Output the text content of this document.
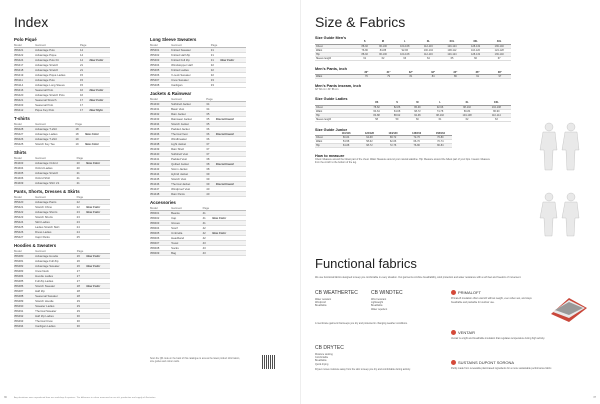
Index
Polo Piqué
Model	Garment	Page	
356421	Advantage Polo	14	
356422	Advantage Pique	14	
356424	Advantage Polo Fit	14	New Color
356417	Advantage Stretch	21	
356418	Advantage Stretch	21	
356419	Advantage Piqué Ladies	15	
356111	Advantage Polo	15	
356114	Advantage Long Sleeve	15	
356416	Seasonal Polo	16	New Color
356420	Advantage Stretch Polo	16	
356421	Seasonal Stretch	17	New Color
356403	Seasonal Polo	17	
356412	Pique Key Polo	17	New Style
T-shirts
Model	Garment	Page	
356428	Advantage T-shirt	18	
356427	Advantage Ladies	18	New Color
356426	Advantage T-shirt	19	
356425	Stretch Key Tee	19	New Color
Shirts
Model	Garment	Page	
354403	Advantage Oxford	20	New Color
354404	Oxford Ladies	20	
354405	Advantage Stretch	21	
354406	Oxford Shirt	21	
354409	Advantage Shirt LS	21	
Pants, Shorts, Dresses & Skirts
Model	Garment	Page	
355420	Advantage Pants	22	
355421	Stretch Chino	22	New Color
355422	Advantage Shorts	23	New Color
355423	Stretch Shorts	23	
355424	Skirt Ladies	23	
355425	Ladies Stretch Skirt	24	
355426	Dress Ladies	24	
355427	Capri Pants	25	
Hoodies & Sweaters
Model	Garment	Page	
356480	Advantage Hoodie	26	New Color
356481	Advantage Full Zip	26	
356482	Advantage Sweater	26	New Color
356483	Crew Neck	27	
356484	Hoodie Ladies	27	
356485	Full Zip Ladies	27	
356486	Stretch Sweater	28	New Color
356487	Half Zip	28	
356488	Seasonal Sweater	28	
356489	Stretch Hoodie	29	
356490	Sweater Ladies	29	
356491	Thermal Sweater	29	
356492	Half Zip Ladies	30	
356493	Thermal Crew	30	
356494	Cardigan Ladies	30	
Long Sleeve Sweaters
Model	Garment	Page	
355401	Knitted Sweater	31	
355402	Knitted Half Zip	31	
355403	Knitted Full Zip	31	New Color
355404	Windstopper Half	32	
355405	Knitted Ladies	32	
355406	V-neck Sweater	32	
355407	Crew Sweater	33	
355408	Cardigan	33	
Jackets & Rainwear
Model	Garment	Page	
354430	Softshell Jacket	34	
354431	Basic Vest	34	
354432	Rain Jacket	35	
354433	Rainwear Jacket	35	Discontinued
354434	Stretch Jacket	35	
354435	Padded Jacket	36	
354436	Thermal Vest	36	Discontinued
354437	Windbreaker	36	
354438	Light Jacket	37	
354439	Rain Shell	37	
354440	Softshell Vest	37	
354441	Padded Vest	38	
354442	Quilted Jacket	38	Discontinued
354443	Storm Jacket	38	
354444	Hybrid Jacket	39	
354445	Stretch Vest	39	
354446	Thermal Jacket	39	Discontinued
354447	Windproof Vest	40	
354448	Rain Pants	40	
Accessories
Model	Garment	Page	
358401	Beanie	41	
358402	Cap	41	New Color
358403	Gloves	41	
358404	Scarf	42	
358405	Umbrella	42	New Color
358406	Headband	42	
358407	Towel	43	
358408	Socks	43	
358409	Bag	43	
Scan the QR code on the back of this catalogue to access the latest product information, size guides and colour cards.
Any deviations were reproduced from our workshop & repairers. The difference in colour measured on our ink, production and supply of illustration
36
Size & Fabrics
Size Guide Men's
	S	M	L	XL	XXL	3XL	4XL
Chest	88-92	96-100	104-108	112-116	120-124	128-132	136-140
Waist	76-80	84-88	92-96	100-104	108-112	116-120	124-128
Hip	88-92	96-100	104-108	112-116	120-124	128-132	136-140
Sleeve length	61	62	63	64	65	66	67
Men's Pants, inch
	30"	31"	32"	33"	34"	36"	38"
Waist	76	79	81	84	86	91	97
Men's Pants inseam, inch
32" 82 cm / 34" 86 cm
Size Guide Ladies
	XS	S	M	L	XL	XXL
Chest	78-82	82-86	86-90	92-96	98-102	104-108
Waist	60-64	64-68	68-72	74-78	80-84	86-90
Hip	84-88	88-92	92-96	98-102	104-108	110-114
Sleeve length	58	59	60	61	62	63
Size Guide Junior
	110/116	122/128	134/140	146/152	158/164
Chest	60-64	64-68	68-72	72-76	76-80
Waist	54-58	58-62	62-66	66-70	70-74
Hip	64-68	68-72	72-76	76-80	80-84
How to measure
Chest: Measure around the fullest part of the chest. Waist: Measure around your natural waistline. Hip: Measure around the fullest part of your hips. Inseam: Measure from the crotch to the bottom of the leg.
Functional fabrics
We use functional fabrics designed to keep you comfortable in every situation. Our garments combine breathability, wind protection and water resistance with a soft feel and freedom of movement.
CB WEATHERTEC
Water resistant
Windproof
Breathable
CB WINDTEC
Wind resistant
Lightweight
Breathable
Water repellent
A membrane garment that keeps you dry and protected in changing weather conditions.
CB DRYTEC
Moisture wicking
Comfortable
Breathable
Quick drying
Drytec moves moisture away from the skin to keep you dry and comfortable during activity.
PRIMALOFT
PrimaLoft insulation offers warmth without weight, even when wet, and stays breathable and packable for outdoor use.
VENTAIR
Ventair is a light and breathable insulation that regulates temperature during high activity.
SUSTAINS DUPONT SORONA
Partly made from renewable plant-based ingredients for a more sustainable performance fabric.
37
